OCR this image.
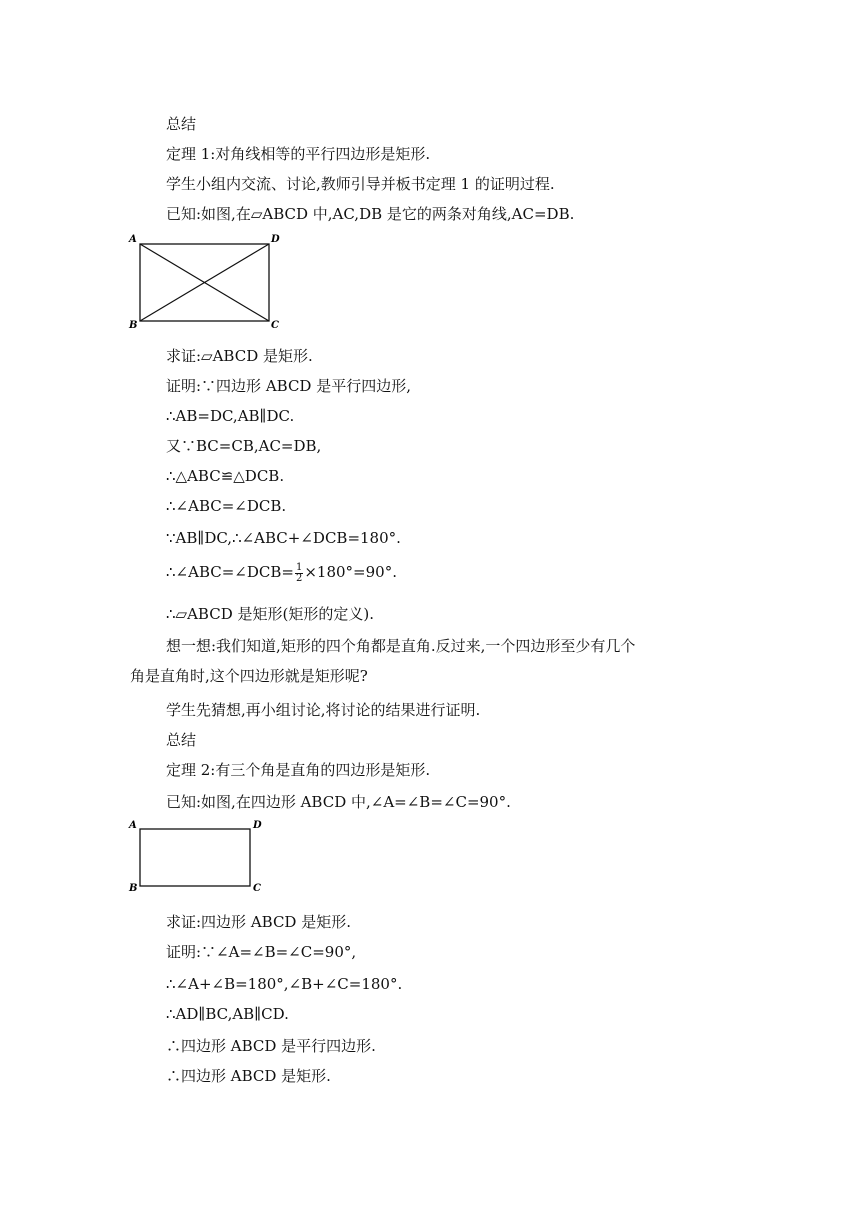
总结
定理 1:对角线相等的平行四边形是矩形.
学生小组内交流、讨论,教师引导并板书定理 1 的证明过程.
已知:如图,在▱ABCD 中,AC,DB 是它的两条对角线,AC=DB.
A	D
B	C
求证:▱ABCD 是矩形.
证明:∵四边形 ABCD 是平行四边形,
∴AB=DC,AB∥DC.
又∵BC=CB,AC=DB,
∴△ABC≌△DCB.
∴∠ABC=∠DCB.
∵AB∥DC,∴∠ABC+∠DCB=180°.
∴∠ABC=∠DCB= $\frac{1}{2} \times 180^\circ=90^\circ$.
∴▱ABCD 是矩形(矩形的定义).
想一想:我们知道,矩形的四个角都是直角.反过来,一个四边形至少有几个
角是直角时,这个四边形就是矩形呢?
学生先猜想,再小组讨论,将讨论的结果进行证明.
总结
定理 2:有三个角是直角的四边形是矩形.
已知:如图,在四边形 ABCD 中,∠A=∠B=∠C=90°.
A	D
B	C
求证:四边形 ABCD 是矩形.
证明:∵∠A=∠B=∠C=90°,
∴∠A+∠B=180°,∠B+∠C=180°.
∴AD∥BC,AB∥CD.
∴四边形 ABCD 是平行四边形.
∴四边形 ABCD 是矩形.
